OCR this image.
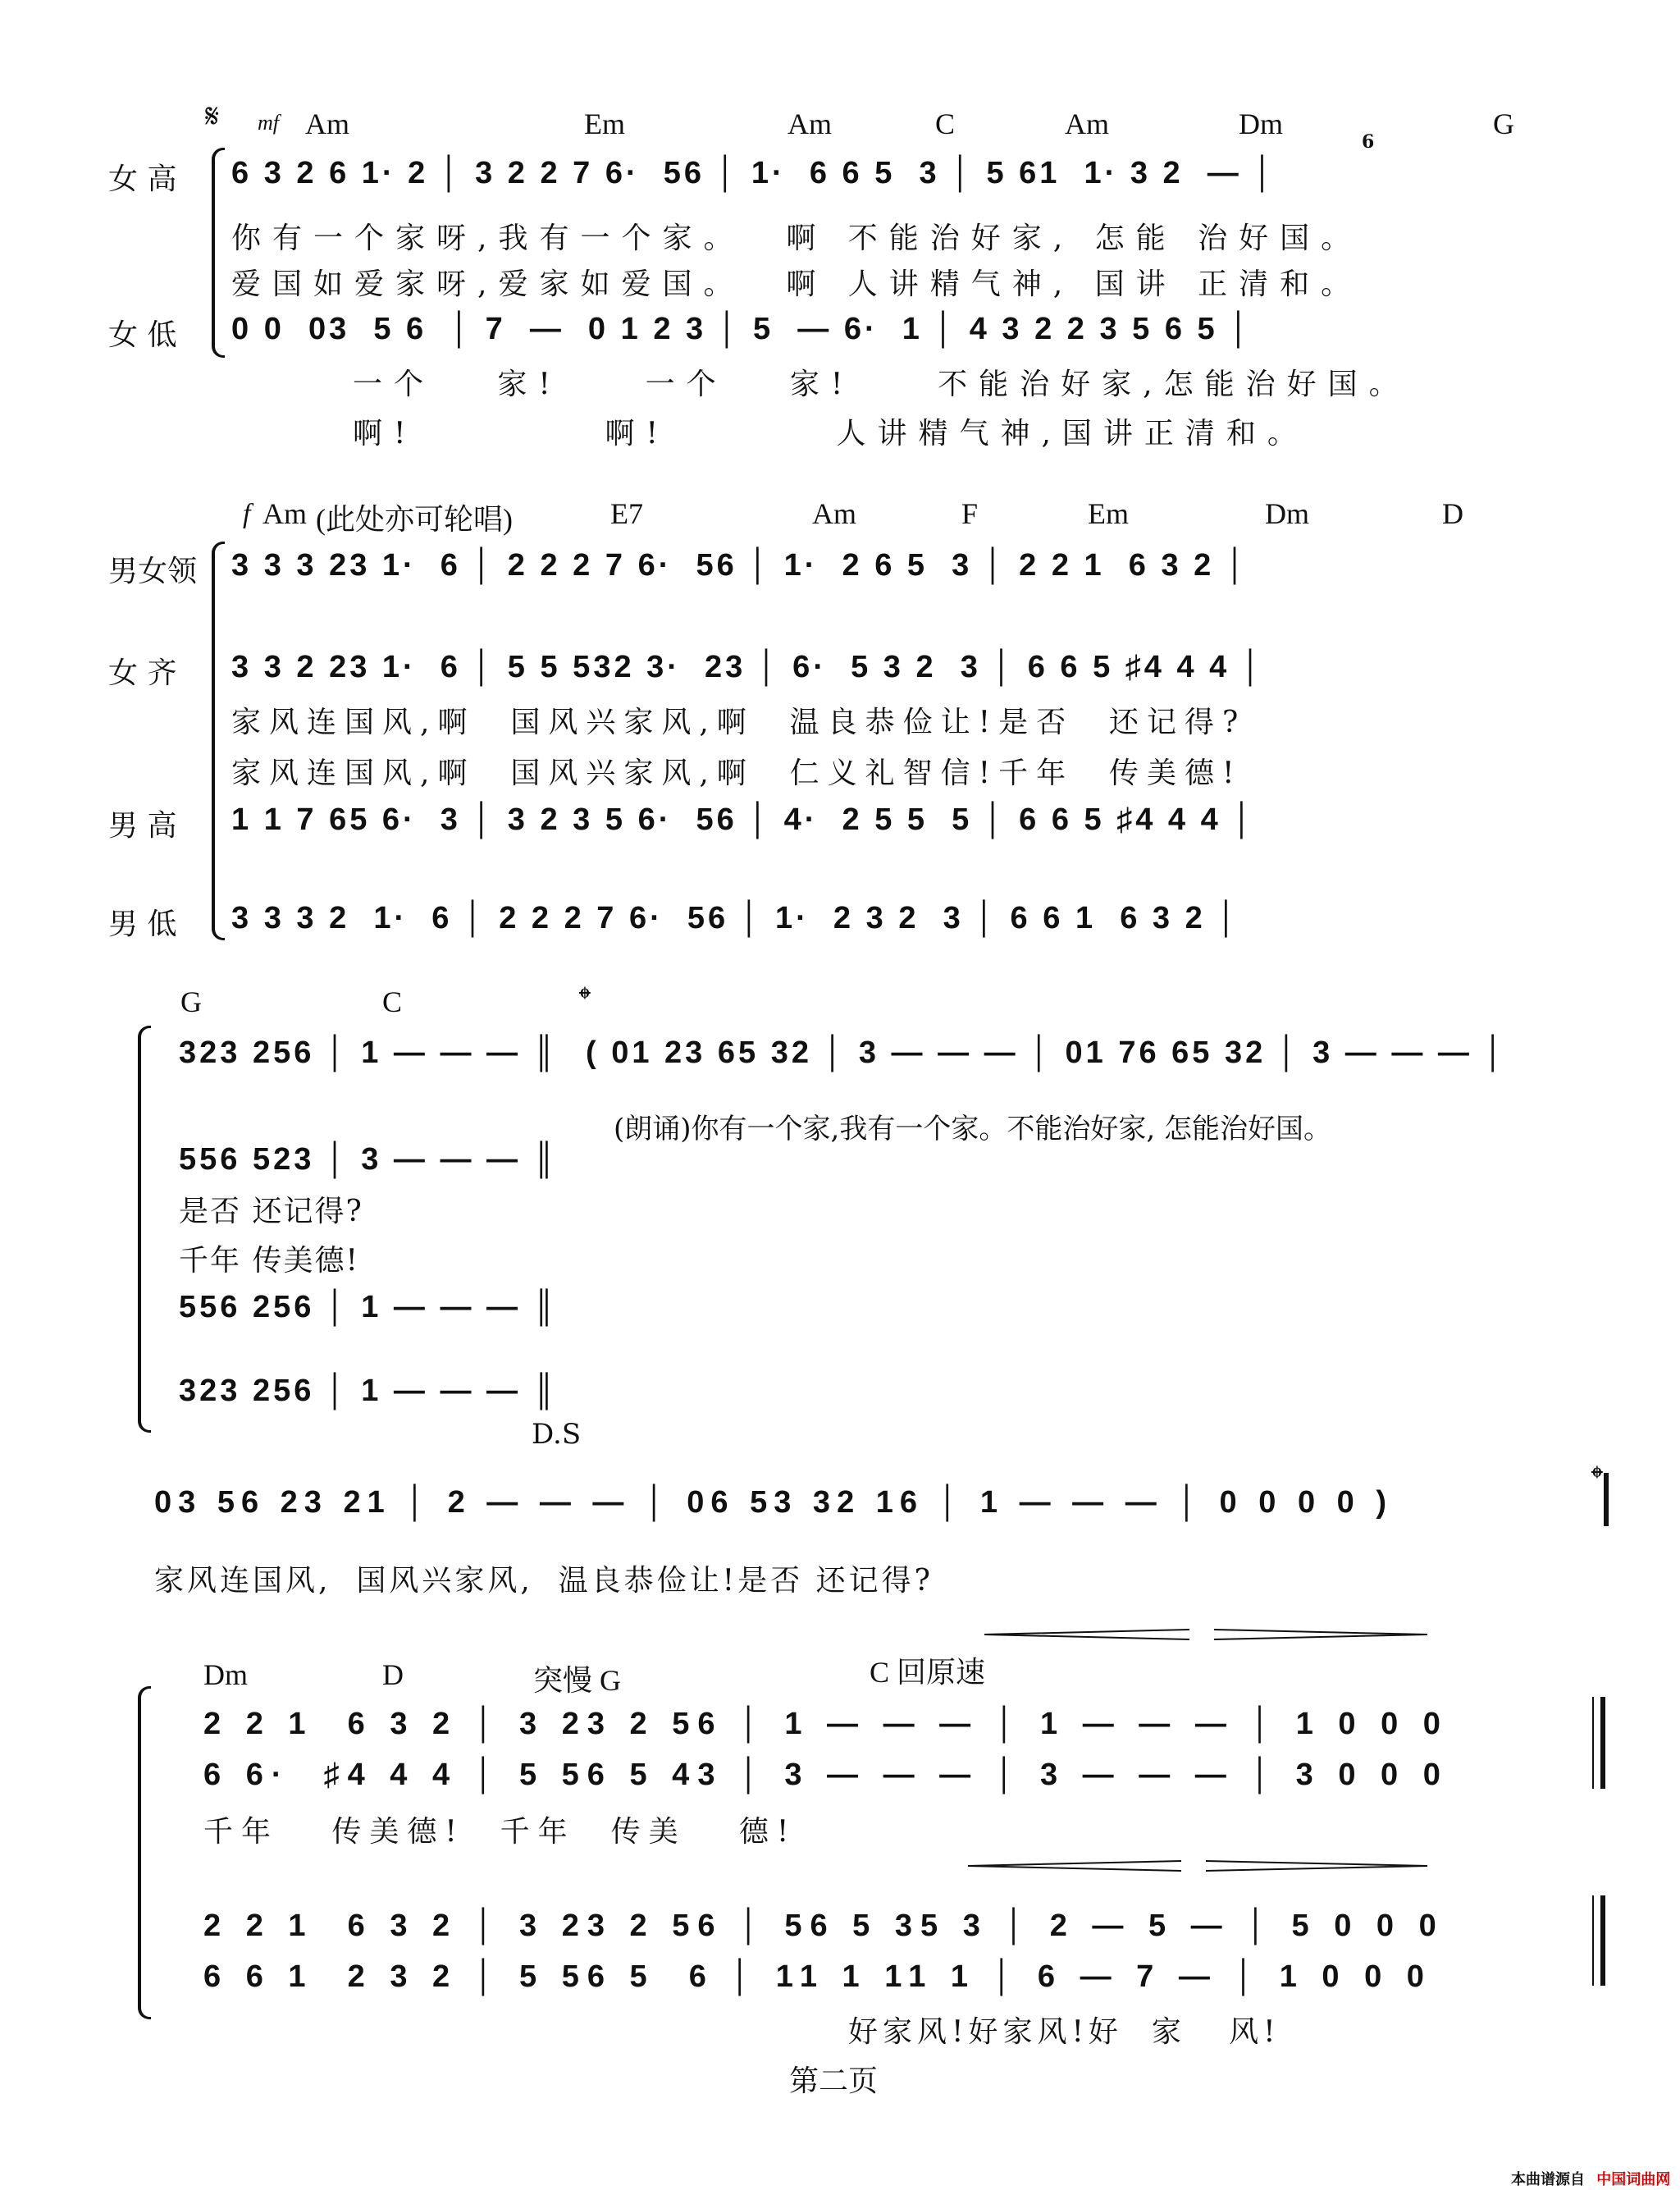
𝄋 mf Am	Em	Am	C	Am	Dm	G
6
女 高 6 3 2 6 1· 2 │ 3 2 2 7 6·  56 │ 1·  6 6 5  3 │ 5 61  1· 3 2  — │
你有一个家呀,我有一个家。  啊 不能治好家, 怎能 治好国。
爱国如爱家呀,爱家如爱国。  啊 人讲精气神, 国讲 正清和。
女 低 0 0  03  5 6  │ 7  —  0 1 2 3 │ 5  — 6·  1 │ 4 3 2 2 3 5 6 5 │
一个   家!    一个   家!    不能治好家,怎能治好国。
啊!         啊!        人讲精气神,国讲正清和。
f Am (此处亦可轮唱)	E7	Am	F	Em	Dm	D
男女领 3 3 3 23 1·  6 │ 2 2 2 7 6·  56 │ 1·  2 6 5  3 │ 2 2 1  6 3 2 │
女 齐 3 3 2 23 1·  6 │ 5 5 532 3·  23 │ 6·  5 3 2  3 │ 6 6 5 ♯4 4 4 │
家风连国风,啊  国风兴家风,啊  温良恭俭让!是否  还记得?
家风连国风,啊  国风兴家风,啊  仁义礼智信!千年  传美德!
男 高 1 1 7 65 6·  3 │ 3 2 3 5 6·  56 │ 4·  2 5 5  5 │ 6 6 5 ♯4 4 4 │
男 低 3 3 3 2  1·  6 │ 2 2 2 7 6·  56 │ 1·  2 3 2  3 │ 6 6 1  6 3 2 │
G	C	𝄌
323 256 │ 1 — — — ║ ( 01 23 65 32 │ 3 — — — │ 01 76 65 32 │ 3 — — — │
(朗诵)你有一个家,我有一个家。不能治好家, 怎能治好国。
556 523 │ 3 — — — ║
是否 还记得?
千年 传美德!
556 256 │ 1 — — — ║
323 256 │ 1 — — — ║
D.S
03 56 23 21 │ 2 — — — │ 06 53 32 16 │ 1 — — — │ 0 0 0 0 )
𝄌
家风连国风,  国风兴家风,  温良恭俭让!是否 还记得?
Dm	D	突慢 G	C 回原速
2 2 1  6 3 2 │ 3 23 2 56 │ 1 — — — │ 1 — — — │ 1 0 0 0
6 6·  ♯4 4 4 │ 5 56 5 43 │ 3 — — — │ 3 — — — │ 3 0 0 0
千年   传美德!  千年  传美   德!
2 2 1  6 3 2 │ 3 23 2 56 │ 56 5 35 3 │ 2 — 5 — │ 5 0 0 0
6 6 1  2 3 2 │ 5 56 5  6 │ 11 1 11 1 │ 6 — 7 — │ 1 0 0 0
好家风!好家风!好  家   风!
第二页
本曲谱源自 中国词曲网
